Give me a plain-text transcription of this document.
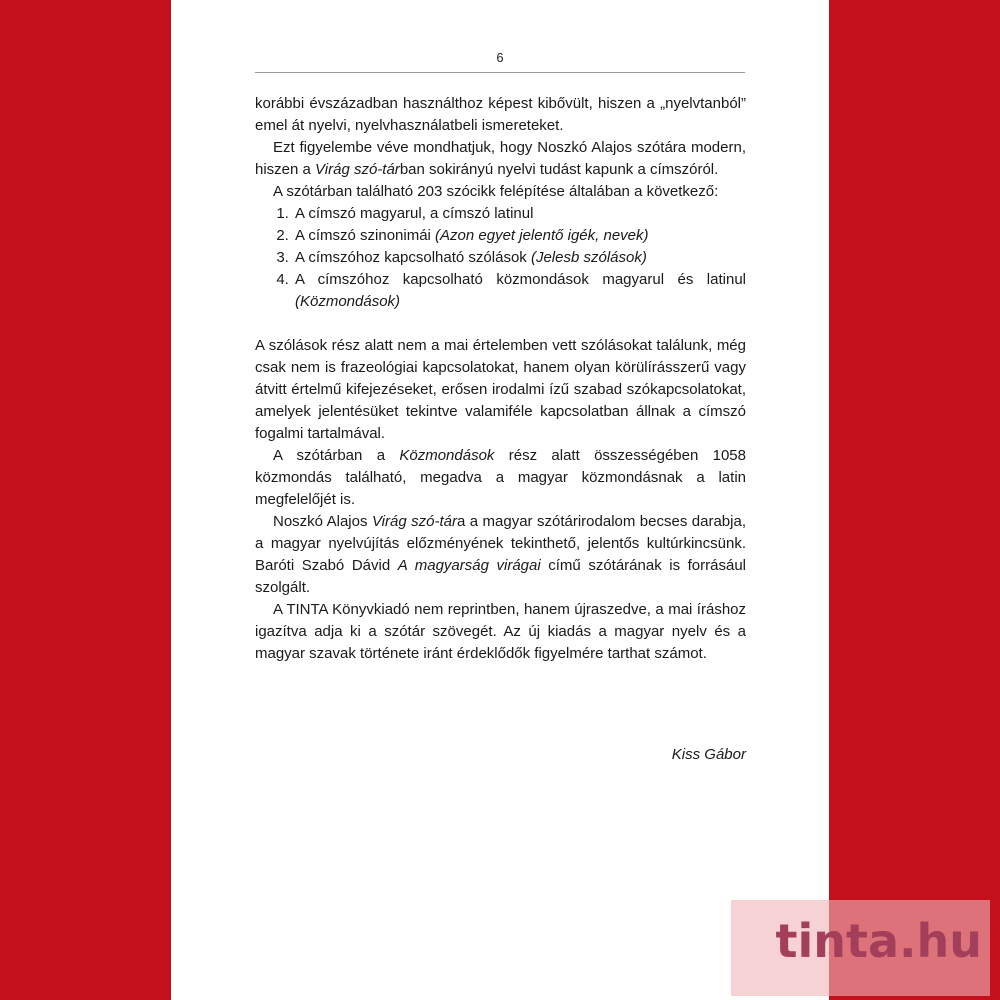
6

korábbi évszázadban használthoz képest kibővült, hiszen a „nyelvtanból” emel át nyelvi, nyelvhasználatbeli ismereteket.

Ezt figyelembe véve mondhatjuk, hogy Noszkó Alajos szótára modern, hiszen a Virág szó-tárban sokirányú nyelvi tudást kapunk a címszóról.

A szótárban található 203 szócikk felépítése általában a következő:

1. A címszó magyarul, a címszó latinul
2. A címszó szinonimái (Azon egyet jelentő igék, nevek)
3. A címszóhoz kapcsolható szólások (Jelesb szólások)
4. A címszóhoz kapcsolható közmondások magyarul és latinul (Közmondások)

A szólások rész alatt nem a mai értelemben vett szólásokat találunk, még csak nem is frazeológiai kapcsolatokat, hanem olyan körülírásszerű vagy átvitt értelmű kifejezéseket, erősen irodalmi ízű szabad szókapcsolatokat, amelyek jelentésüket tekintve valamiféle kapcsolatban állnak a címszó fogalmi tartalmával.

A szótárban a Közmondások rész alatt összességében 1058 közmondás található, megadva a magyar közmondásnak a latin megfelelőjét is.

Noszkó Alajos Virág szó-tára a magyar szótárirodalom becses darabja, a magyar nyelvújítás előzményének tekinthető, jelentős kultúrkincsünk. Baróti Szabó Dávid A magyarság virágai című szótárának is forrásául szolgált.

A TINTA Könyvkiadó nem reprintben, hanem újraszedve, a mai íráshoz igazítva adja ki a szótár szövegét. Az új kiadás a magyar nyelv és a magyar szavak története iránt érdeklődők figyelmére tarthat számot.

Kiss Gábor
tinta.hu
